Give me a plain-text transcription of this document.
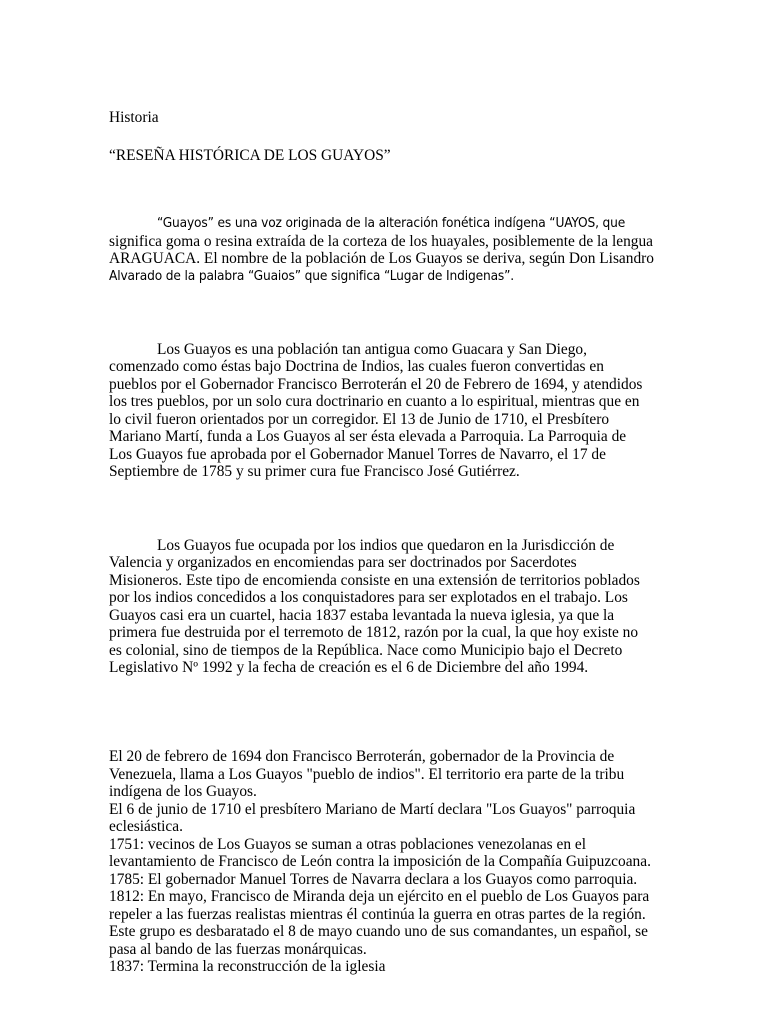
Historia

“RESEÑA HISTÓRICA DE LOS GUAYOS”

“Guayos” es una voz originada de la alteración fonética indígena “UAYOS, que

significa goma o resina extraída de la corteza de los huayales, posiblemente de la lengua

ARAGUACA. El nombre de la población de Los Guayos se deriva, según Don Lisandro

Alvarado de la palabra “Guaios” que significa “Lugar de Indigenas”.

Los Guayos es una población tan antigua como Guacara y San Diego,

comenzado como éstas bajo Doctrina de Indios, las cuales fueron convertidas en

pueblos por el Gobernador Francisco Berroterán el 20 de Febrero de 1694, y atendidos

los tres pueblos, por un solo cura doctrinario en cuanto a lo espiritual, mientras que en

lo civil fueron orientados por un corregidor. El 13 de Junio de 1710, el Presbítero

Mariano Martí, funda a Los Guayos al ser ésta elevada a Parroquia. La Parroquia de

Los Guayos fue aprobada por el Gobernador Manuel Torres de Navarro, el 17 de

Septiembre de 1785 y su primer cura fue Francisco José Gutiérrez.

Los Guayos fue ocupada por los indios que quedaron en la Jurisdicción de

Valencia y organizados en encomiendas para ser doctrinados por Sacerdotes

Misioneros. Este tipo de encomienda consiste en una extensión de territorios poblados

por los indios concedidos a los conquistadores para ser explotados en el trabajo. Los

Guayos casi era un cuartel, hacia 1837 estaba levantada la nueva iglesia, ya que la

primera fue destruida por el terremoto de 1812, razón por la cual, la que hoy existe no

es colonial, sino de tiempos de la República. Nace como Municipio bajo el Decreto

Legislativo Nº 1992 y la fecha de creación es el 6 de Diciembre del año 1994.

El 20 de febrero de 1694 don Francisco Berroterán, gobernador de la Provincia de

Venezuela, llama a Los Guayos "pueblo de indios". El territorio era parte de la tribu

indígena de los Guayos.

El 6 de junio de 1710 el presbítero Mariano de Martí declara "Los Guayos" parroquia

eclesiástica.

1751: vecinos de Los Guayos se suman a otras poblaciones venezolanas en el

levantamiento de Francisco de León contra la imposición de la Compañía Guipuzcoana.

1785: El gobernador Manuel Torres de Navarra declara a los Guayos como parroquia.

1812: En mayo, Francisco de Miranda deja un ejército en el pueblo de Los Guayos para

repeler a las fuerzas realistas mientras él continúa la guerra en otras partes de la región.

Este grupo es desbaratado el 8 de mayo cuando uno de sus comandantes, un español, se

pasa al bando de las fuerzas monárquicas.

1837: Termina la reconstrucción de la iglesia
